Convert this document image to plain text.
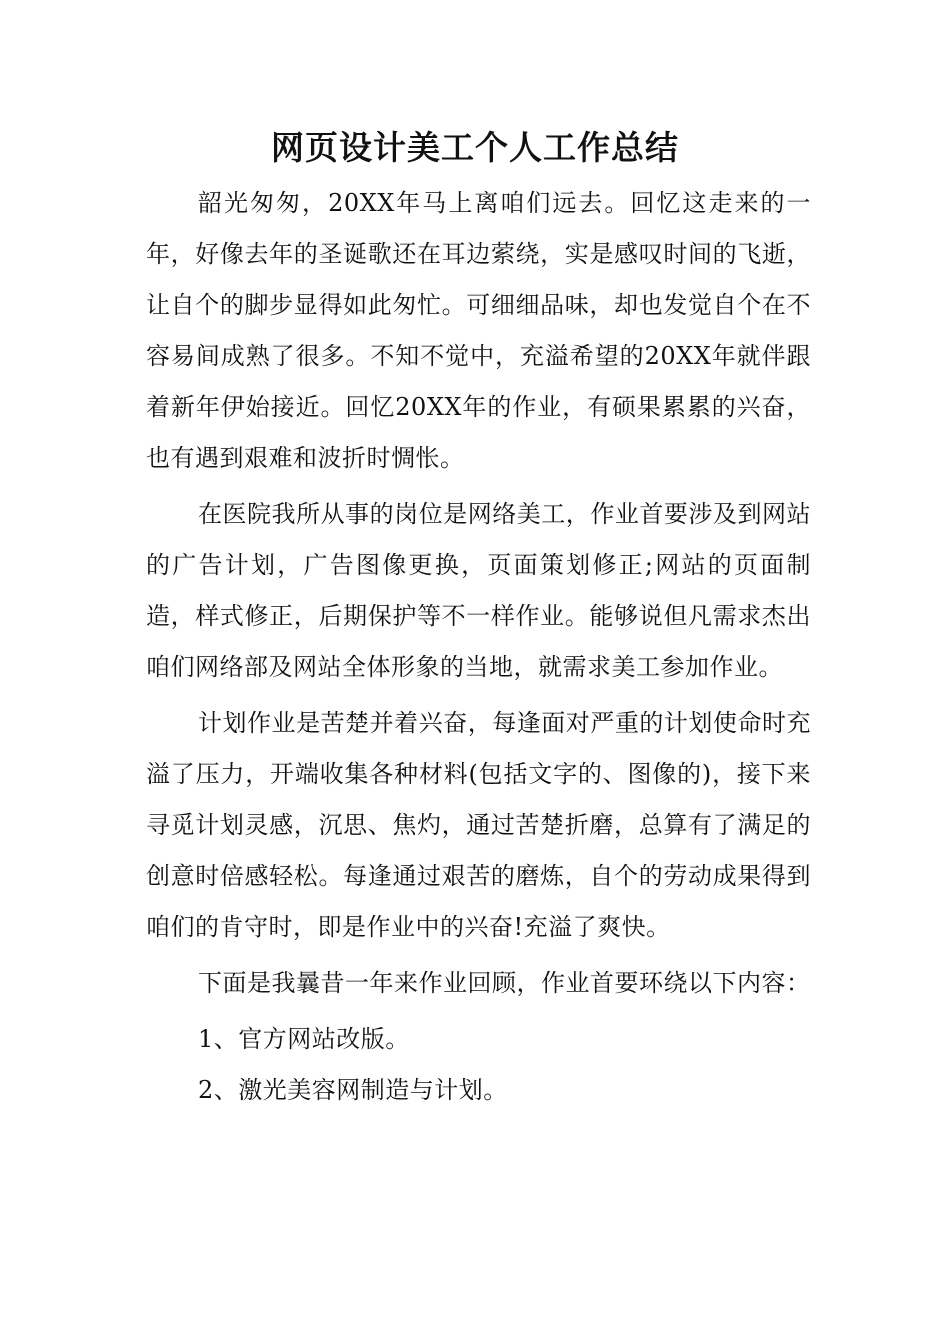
网页设计美工个人工作总结

韶光匆匆，20XX年马上离咱们远去。回忆这走来的一年，好像去年的圣诞歌还在耳边萦绕，实是感叹时间的飞逝，让自个的脚步显得如此匆忙。可细细品味，却也发觉自个在不容易间成熟了很多。不知不觉中，充溢希望的20XX年就伴跟着新年伊始接近。回忆20XX年的作业，有硕果累累的兴奋，也有遇到艰难和波折时惆怅。

在医院我所从事的岗位是网络美工，作业首要涉及到网站的广告计划，广告图像更换，页面策划修正;网站的页面制造，样式修正，后期保护等不一样作业。能够说但凡需求杰出咱们网络部及网站全体形象的当地，就需求美工参加作业。

计划作业是苦楚并着兴奋，每逢面对严重的计划使命时充溢了压力，开端收集各种材料(包括文字的、图像的)，接下来寻觅计划灵感，沉思、焦灼，通过苦楚折磨，总算有了满足的创意时倍感轻松。每逢通过艰苦的磨炼，自个的劳动成果得到咱们的肯守时，即是作业中的兴奋!充溢了爽快。

下面是我曩昔一年来作业回顾，作业首要环绕以下内容：

1、官方网站改版。

2、激光美容网制造与计划。
